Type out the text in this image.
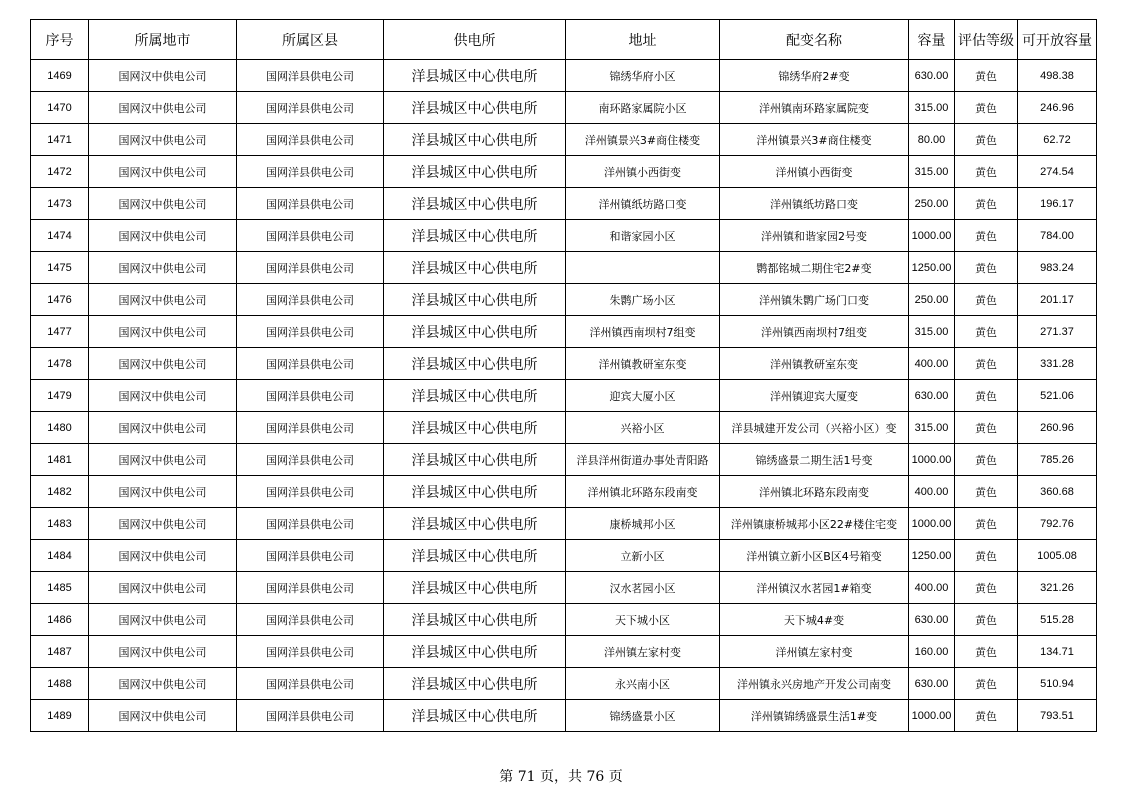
序号	所属地市	所属区县	供电所	地址	配变名称	容量	评估等级	可开放容量
1469	国网汉中供电公司	国网洋县供电公司	洋县城区中心供电所	锦绣华府小区	锦绣华府2#变	630.00	黄色	498.38
1470	国网汉中供电公司	国网洋县供电公司	洋县城区中心供电所	南环路家属院小区	洋州镇南环路家属院变	315.00	黄色	246.96
1471	国网汉中供电公司	国网洋县供电公司	洋县城区中心供电所	洋州镇景兴3#商住楼变	洋州镇景兴3#商住楼变	80.00	黄色	62.72
1472	国网汉中供电公司	国网洋县供电公司	洋县城区中心供电所	洋州镇小西街变	洋州镇小西街变	315.00	黄色	274.54
1473	国网汉中供电公司	国网洋县供电公司	洋县城区中心供电所	洋州镇纸坊路口变	洋州镇纸坊路口变	250.00	黄色	196.17
1474	国网汉中供电公司	国网洋县供电公司	洋县城区中心供电所	和谐家园小区	洋州镇和谐家园2号变	1000.00	黄色	784.00
1475	国网汉中供电公司	国网洋县供电公司	洋县城区中心供电所		鹮都铭城二期住宅2#变	1250.00	黄色	983.24
1476	国网汉中供电公司	国网洋县供电公司	洋县城区中心供电所	朱鹮广场小区	洋州镇朱鹮广场门口变	250.00	黄色	201.17
1477	国网汉中供电公司	国网洋县供电公司	洋县城区中心供电所	洋州镇西南坝村7组变	洋州镇西南坝村7组变	315.00	黄色	271.37
1478	国网汉中供电公司	国网洋县供电公司	洋县城区中心供电所	洋州镇教研室东变	洋州镇教研室东变	400.00	黄色	331.28
1479	国网汉中供电公司	国网洋县供电公司	洋县城区中心供电所	迎宾大厦小区	洋州镇迎宾大厦变	630.00	黄色	521.06
1480	国网汉中供电公司	国网洋县供电公司	洋县城区中心供电所	兴裕小区	洋县城建开发公司（兴裕小区）变	315.00	黄色	260.96
1481	国网汉中供电公司	国网洋县供电公司	洋县城区中心供电所	洋县洋州街道办事处青阳路	锦绣盛景二期生活1号变	1000.00	黄色	785.26
1482	国网汉中供电公司	国网洋县供电公司	洋县城区中心供电所	洋州镇北环路东段南变	洋州镇北环路东段南变	400.00	黄色	360.68
1483	国网汉中供电公司	国网洋县供电公司	洋县城区中心供电所	康桥城邦小区	洋州镇康桥城邦小区22#楼住宅变	1000.00	黄色	792.76
1484	国网汉中供电公司	国网洋县供电公司	洋县城区中心供电所	立新小区	洋州镇立新小区B区4号箱变	1250.00	黄色	1005.08
1485	国网汉中供电公司	国网洋县供电公司	洋县城区中心供电所	汉水茗园小区	洋州镇汉水茗园1#箱变	400.00	黄色	321.26
1486	国网汉中供电公司	国网洋县供电公司	洋县城区中心供电所	天下城小区	天下城4#变	630.00	黄色	515.28
1487	国网汉中供电公司	国网洋县供电公司	洋县城区中心供电所	洋州镇左家村变	洋州镇左家村变	160.00	黄色	134.71
1488	国网汉中供电公司	国网洋县供电公司	洋县城区中心供电所	永兴南小区	洋州镇永兴房地产开发公司南变	630.00	黄色	510.94
1489	国网汉中供电公司	国网洋县供电公司	洋县城区中心供电所	锦绣盛景小区	洋州镇锦绣盛景生活1#变	1000.00	黄色	793.51
第 71 页，共 76 页
